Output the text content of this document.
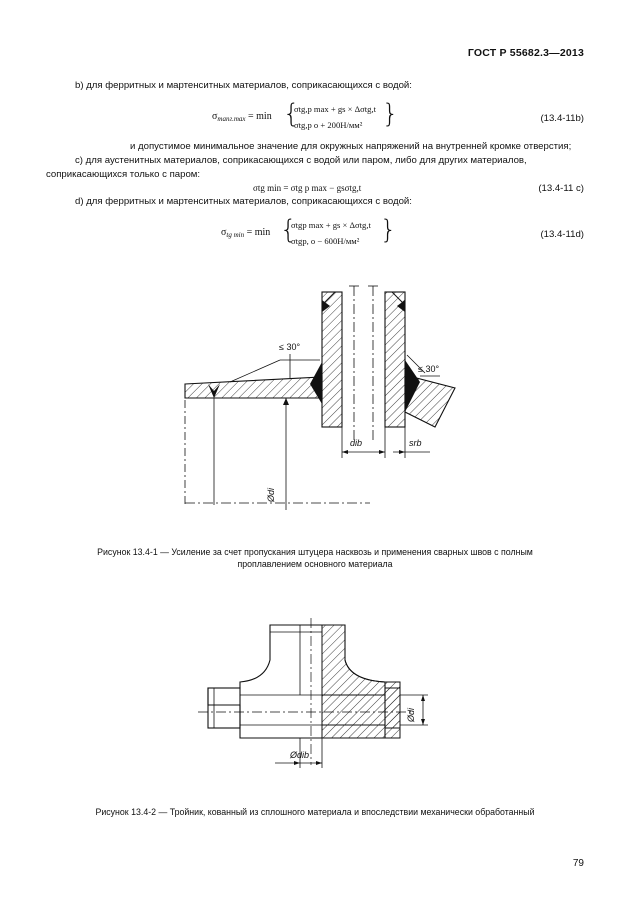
ГОСТ Р 55682.3—2013
b) для ферритных и мартенситных материалов, соприкасающихся с водой:
$\sigma_{manг.max} = \min$ {
σtg,p max + gs × Δσtg,t
σtg,p o + 200Н/мм² }	(13.4-11b)
и допустимое минимальное значение для окружных напряжений на внутренней кромке отверстия;
c) для аустенитных материалов, соприкасающихся с водой или паром, либо для других материалов,
соприкасающихся только с паром:
σtg min = σtg p max − gsσtg,t	(13.4-11 c)
d) для ферритных и мартенситных материалов, соприкасающихся с водой:
$\sigma_{tg min} = \min$ {
σtgp max + gs × Δσtg,t
σtgp, o − 600Н/мм² }	(13.4-11d)
≤ 30°
≤ 30°
Ødi
dib	srb
Рисунок 13.4-1 — Усиление за счет пропускания штуцера насквозь и применения сварных швов с полным
проплавлением основного материала
Ødi
Ødib
Рисунок 13.4-2 — Тройник, кованный из сплошного материала и впоследствии механически обработанный
79
